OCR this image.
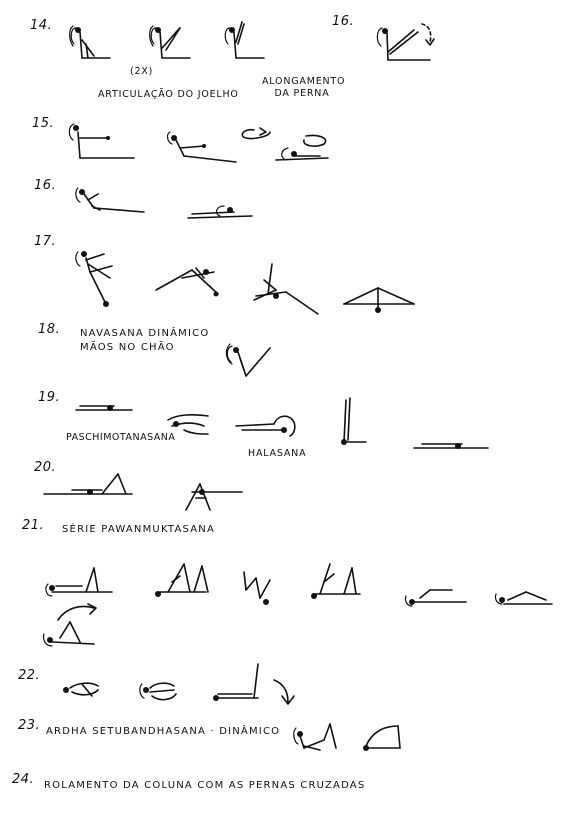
14.
(2X)
ARTICULAÇÃO DO JOELHO
ALONGAMENTO DA PERNA
16.
15.
16.
17.
18. NAVASANA DINÂMICO
MÃOS NO CHÃO
19.
PASCHIMOTANASANA
HALASANA
20.
21. SÉRIE PAWANMUKTASANA
22.
23. ARDHA SETUBANDHASANA · DINÂMICO
24. ROLAMENTO DA COLUNA COM AS PERNAS CRUZADAS
